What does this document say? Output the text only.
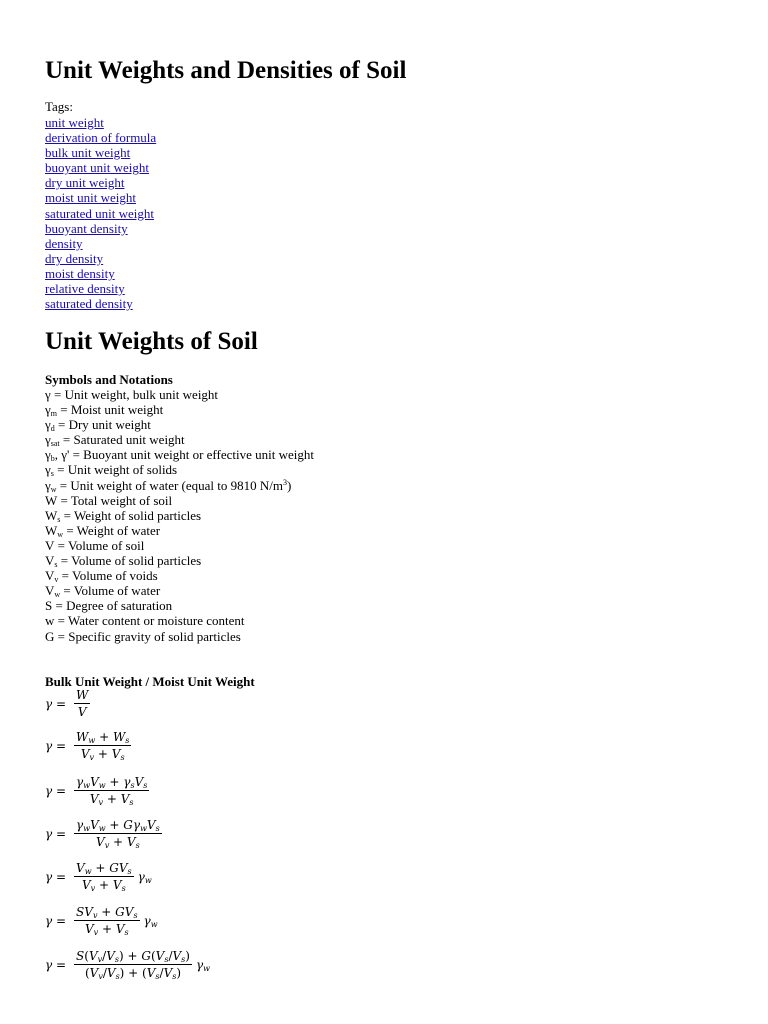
Unit Weights and Densities of Soil
Tags:
unit weight
derivation of formula
bulk unit weight
buoyant unit weight
dry unit weight
moist unit weight
saturated unit weight
buoyant density
density
dry density
moist density
relative density
saturated density
Unit Weights of Soil
Symbols and Notations
γ = Unit weight, bulk unit weight
$\gamma_m$ = Moist unit weight
$\gamma_d$ = Dry unit weight
$\gamma_{sat}$ = Saturated unit weight
$\gamma_b$, γ' = Buoyant unit weight or effective unit weight
$\gamma_s$ = Unit weight of solids
$\gamma_w$ = Unit weight of water (equal to 9810 $N/m^3$)
W = Total weight of soil
$W_s$ = Weight of solid particles
$W_w$ = Weight of water
V = Volume of soil
$V_s$ = Volume of solid particles
$V_v$ = Volume of voids
$V_w$ = Volume of water
S = Degree of saturation
w = Water content or moisture content
G = Specific gravity of solid particles
Bulk Unit Weight / Moist Unit Weight
$\gamma = \frac{W}{V}$
$\gamma = \frac{W_w + W_s}{V_v + V_s}$
$\gamma = \frac{\gamma_wV_w + \gamma_sV_s}{V_v + V_s}$
$\gamma = \frac{\gamma_wV_w + G\gamma_wV_s}{V_v + V_s}$
$\gamma = \frac{V_w + GV_s}{V_v + V_s} \gamma_w$
$\gamma = \frac{SV_v + GV_s}{V_v + V_s} \gamma_w$
$\gamma = \frac{S(V_v/V_s) + G(V_s/V_s)}{(V_v/V_s) + (V_s/V_s)} \gamma_w$
